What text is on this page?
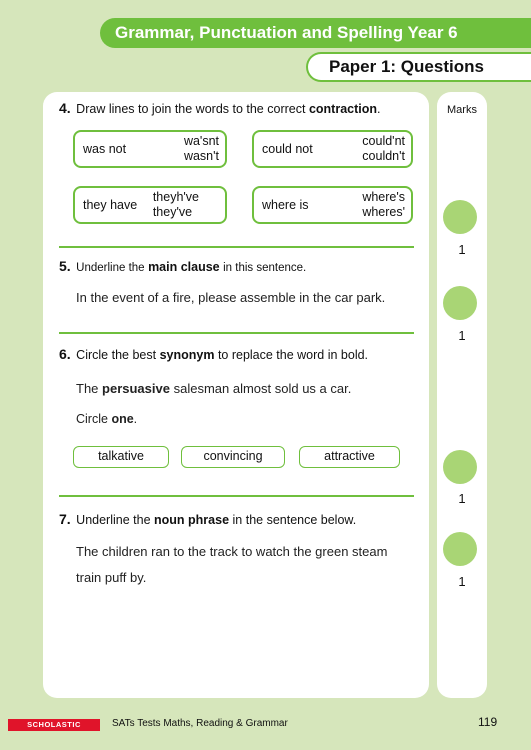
Grammar, Punctuation and Spelling Year 6
Paper 1: Questions
4. Draw lines to join the words to the correct contraction.
was not
wa'snt
wasn't	could not
could'nt
couldn't
they have
theyh've
they've	where is
where's
wheres'
5. Underline the main clause in this sentence.
In the event of a fire, please assemble in the car park.
6. Circle the best synonym to replace the word in bold.
The persuasive salesman almost sold us a car.
Circle one.
talkative	convincing	attractive
7. Underline the noun phrase in the sentence below.
The children ran to the track to watch the green steam
train puff by.
Marks
1
1
1
1
SCHOLASTIC	SATs Tests Maths, Reading & Grammar	119
